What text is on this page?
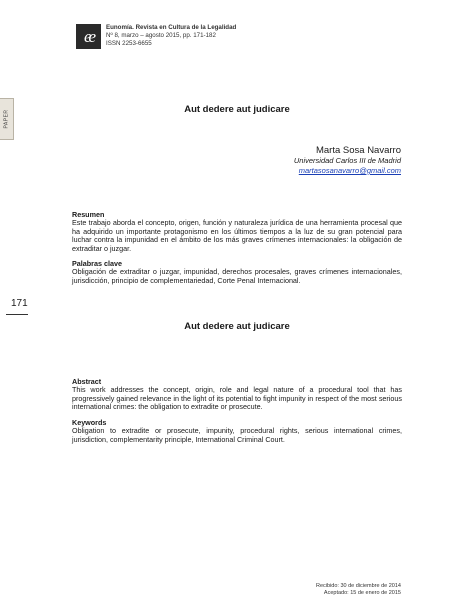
ee	Eunomía. Revista en Cultura de la Legalidad
Nº 8, marzo – agosto 2015, pp. 171-182
ISSN 2253-6655
PAPER	Aut dedere aut judicare
Marta Sosa Navarro
Universidad Carlos III de Madrid
martasosanavarro@gmail.com
Resumen
Este trabajo aborda el concepto, origen, función y naturaleza jurídica de una herramienta procesal que ha adquirido un importante protagonismo en los últimos tiempos a la luz de su gran potencial para luchar contra la impunidad en el ámbito de los más graves crímenes internacionales: la obligación de extraditar o juzgar.
Palabras clave
Obligación de extraditar o juzgar, impunidad, derechos procesales, graves crímenes internacionales, jurisdicción, principio de complementariedad, Corte Penal Internacional.
171
Aut dedere aut judicare
Abstract
This work addresses the concept, origin, role and legal nature of a procedural tool that has progressively gained relevance in the light of its potential to fight impunity in respect of the most serious international crimes: the obligation to extradite or prosecute.
Keywords
Obligation to extradite or prosecute, impunity, procedural rights, serious international crimes, jurisdiction, complementarity principle, International Criminal Court.
Recibido: 30 de diciembre de 2014
Aceptado: 15 de enero de 2015
